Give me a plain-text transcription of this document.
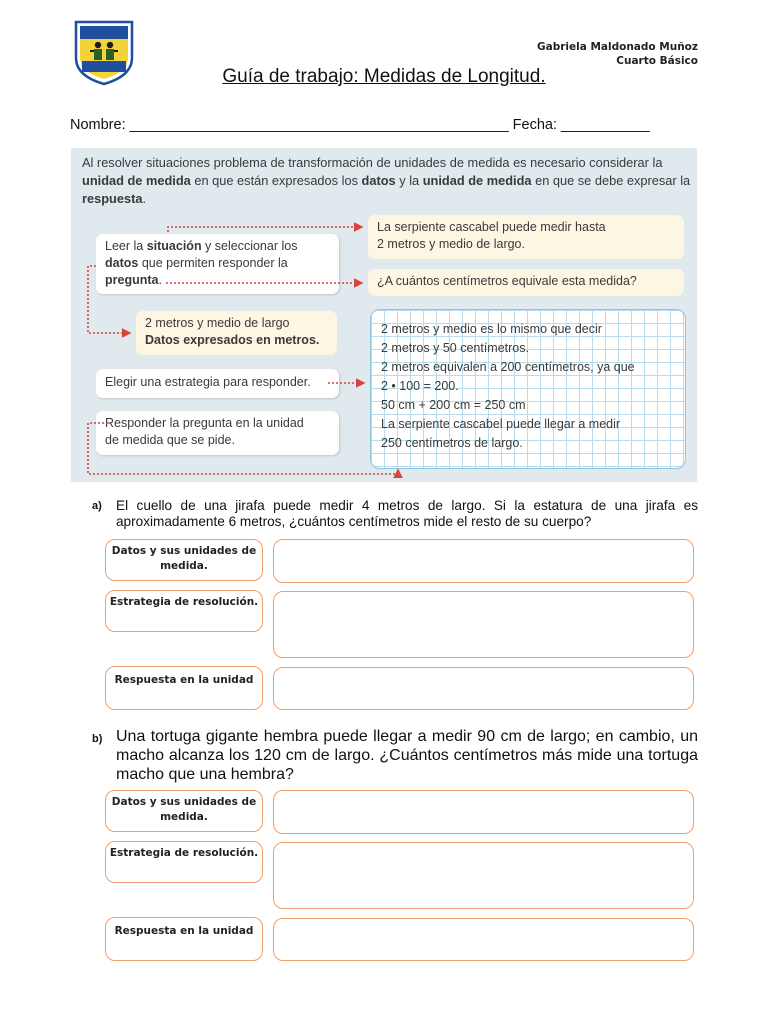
Gabriela Maldonado Muñoz
Cuarto Básico
Guía de trabajo: Medidas de Longitud.
Nombre: _______________________________________________ Fecha: ___________
Al resolver situaciones problema de transformación de unidades de medida es necesario considerar la unidad de medida en que están expresados los datos y la unidad de medida en que se debe expresar la respuesta.
Leer la situación y seleccionar los datos que permiten responder la pregunta.
La serpiente cascabel puede medir hasta
2 metros y medio de largo.
¿A cuántos centímetros equivale esta medida?
2 metros y medio de largo
Datos expresados en metros.
Elegir una estrategia para responder.
Responder la pregunta en la unidad
de medida que se pide.
2 metros y medio es lo mismo que decir
2 metros y 50 centímetros.
2 metros equivalen a 200 centímetros, ya que
2 • 100 = 200.
50 cm + 200 cm = 250 cm
La serpiente cascabel puede llegar a medir
250 centímetros de largo.
a) El cuello de una jirafa puede medir 4 metros de largo. Si la estatura de una jirafa es aproximadamente 6 metros, ¿cuántos centímetros mide el resto de su cuerpo?
Datos y sus unidades de medida.
Estrategia de resolución.
Respuesta en la unidad
b) Una tortuga gigante hembra puede llegar a medir 90 cm de largo; en cambio, un macho alcanza los 120 cm de largo. ¿Cuántos centímetros más mide una tortuga macho que una hembra?
Datos y sus unidades de medida.
Estrategia de resolución.
Respuesta en la unidad
